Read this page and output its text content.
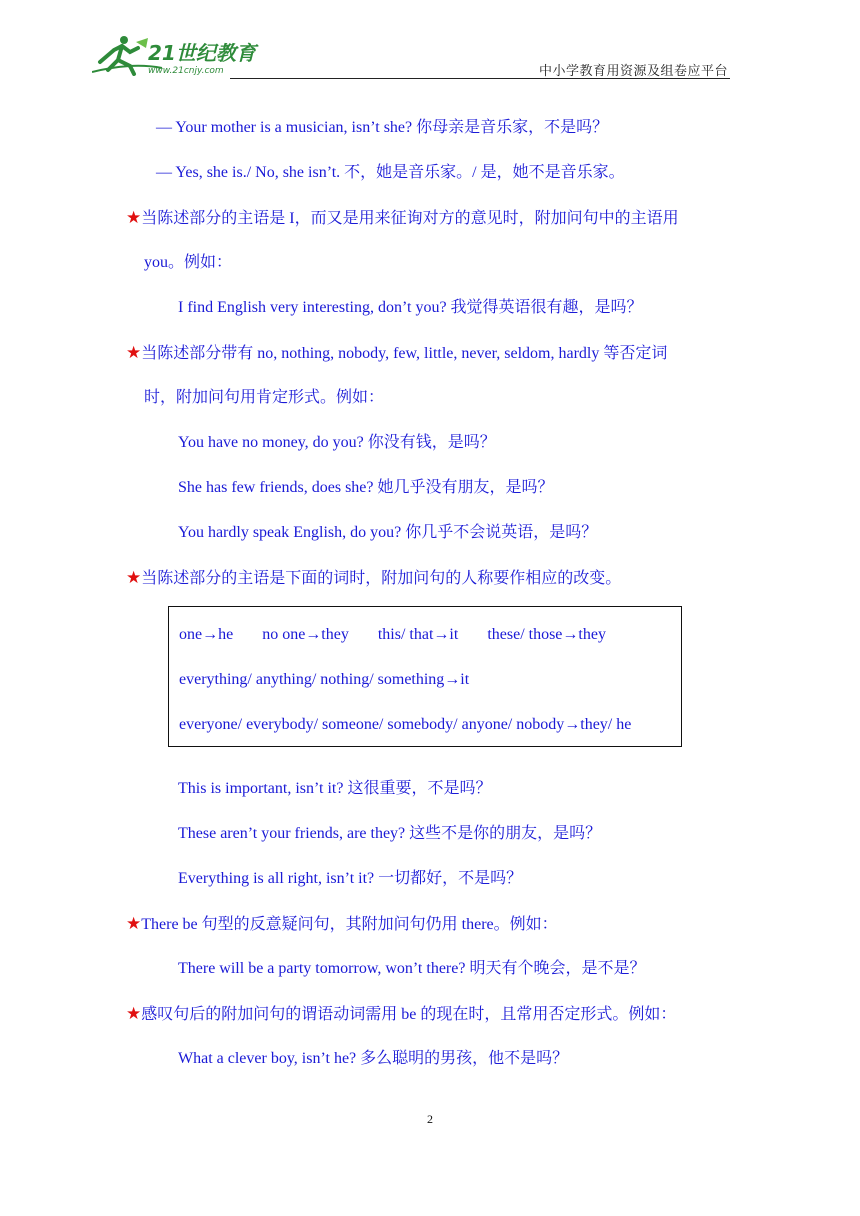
21世纪教育
www.21cnjy.com	中小学教育用资源及组卷应平台
— Your mother is a musician, isn’t she? 你母亲是音乐家，不是吗？
— Yes, she is./ No, she isn’t. 不，她是音乐家。/ 是，她不是音乐家。
★当陈述部分的主语是 I，而又是用来征询对方的意见时，附加问句中的主语用
you。例如：
I find English very interesting, don’t you? 我觉得英语很有趣，是吗？
★当陈述部分带有 no, nothing, nobody, few, little, never, seldom, hardly 等否定词
时，附加问句用肯定形式。例如：
You have no money, do you? 你没有钱，是吗？
She has few friends, does she? 她几乎没有朋友，是吗？
You hardly speak English, do you? 你几乎不会说英语，是吗？
★当陈述部分的主语是下面的词时，附加问句的人称要作相应的改变。
one→he no one→they this/ that→it these/ those→they
everything/ anything/ nothing/ something→it
everyone/ everybody/ someone/ somebody/ anyone/ nobody→they/ he
This is important, isn’t it? 这很重要，不是吗？
These aren’t your friends, are they? 这些不是你的朋友，是吗？
Everything is all right, isn’t it? 一切都好，不是吗？
★There be 句型的反意疑问句，其附加问句仍用 there。例如：
There will be a party tomorrow, won’t there? 明天有个晚会，是不是？
★感叹句后的附加问句的谓语动词需用 be 的现在时，且常用否定形式。例如：
What a clever boy, isn’t he? 多么聪明的男孩，他不是吗？
2
